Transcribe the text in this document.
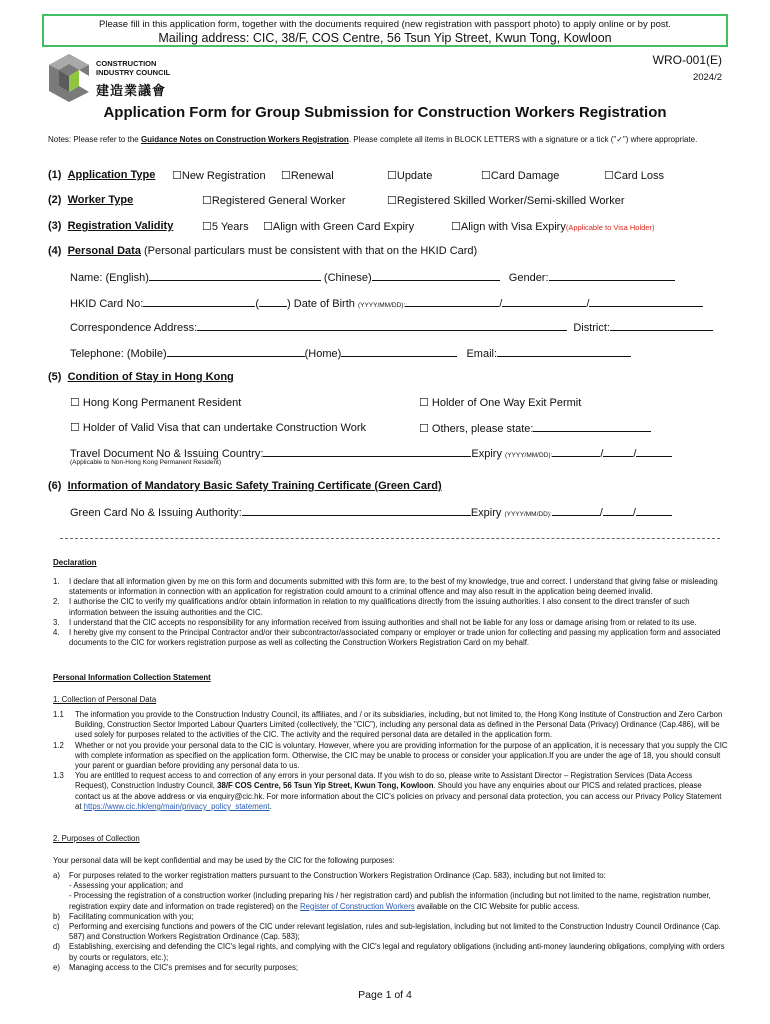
Please fill in this application form, together with the documents required (new registration with passport photo) to apply online or by post.
Mailing address: CIC, 38/F, COS Centre, 56 Tsun Yip Street, Kwun Tong, Kowloon
CONSTRUCTION
INDUSTRY COUNCIL
建造業議會
WRO-001(E)
2024/2
Application Form for Group Submission for Construction Workers Registration
Notes: Please refer to the Guidance Notes on Construction Workers Registration. Please complete all items in BLOCK LETTERS with a signature or a tick ("✓") where appropriate.
(1) Application Type ☐New Registration ☐Renewal	☐Update	☐Card Damage	☐Card Loss
(2) Worker Type	☐Registered General Worker	☐Registered Skilled Worker/Semi-skilled Worker
(3) Registration Validity	☐5 Years ☐Align with Green Card Expiry	☐Align with Visa Expiry(Applicable to Visa Holder)
(4) Personal Data (Personal particulars must be consistent with that on the HKID Card)
Name: (English)	(Chinese)	Gender:
HKID Card No:	(	) Date of Birth (YYYY/MM/DD):	/	/
Correspondence Address:	District:
Telephone: (Mobile)	(Home)	Email:
(5) Condition of Stay in Hong Kong
☐ Hong Kong Permanent Resident	☐ Holder of One Way Exit Permit
☐ Holder of Valid Visa that can undertake Construction Work	☐ Others, please state:
Travel Document No & Issuing Country:	Expiry (YYYY/MM/DD):	/	/
(Applicable to Non-Hong Kong Permanent Resident)
(6) Information of Mandatory Basic Safety Training Certificate (Green Card)
Green Card No & Issuing Authority:	Expiry (YYYY/MM/DD):	/	/
Declaration
1.	I declare that all information given by me on this form and documents submitted with this form are, to the best of my knowledge, true and correct. I understand that giving false or misleading statements or information in connection with an application for registration could amount to a criminal offence and may also result in the application being deemed invalid.
2.	I authorise the CIC to verify my qualifications and/or obtain information in relation to my qualifications directly from the issuing authorities. I also consent to the direct transfer of such information between the issuing authorities and the CIC.
3.	I understand that the CIC accepts no responsibility for any information received from issuing authorities and shall not be liable for any loss or damage arising from or related to its use.
4.	I hereby give my consent to the Principal Contractor and/or their subcontractor/associated company or employer or trade union for collecting and passing my application form and associated documents to the CIC for workers registration purpose as well as collecting the Construction Workers Registration Card on my behalf.
Personal Information Collection Statement
1. Collection of Personal Data
1.1	The information you provide to the Construction Industry Council, its affiliates, and / or its subsidiaries, including, but not limited to, the Hong Kong Institute of Construction and Zero Carbon Building, Construction Sector Imported Labour Quarters Limited (collectively, the "CIC"), including any personal data as defined in the Personal Data (Privacy) Ordinance (Cap.486), will be used solely for purposes related to the activities of the CIC. The activity and the required personal data are detailed in the application form.
1.2	Whether or not you provide your personal data to the CIC is voluntary. However, where you are providing information for the purpose of an application, it is necessary that you supply the CIC with complete information as specified on the application form. Otherwise, the CIC may be unable to process or consider your application.If you are under the age of 18, you should consult your parent or guardian before providing any personal data to us.
1.3	You are entitled to request access to and correction of any errors in your personal data. If you wish to do so, please write to Assistant Director – Registration Services (Data Access Request), Construction Industry Council, 38/F COS Centre, 56 Tsun Yip Street, Kwun Tong, Kowloon. Should you have any enquiries about our PICS and related practices, please contact us at the above address or via enquiry@cic.hk. For more information about the CIC's policies on privacy and personal data protection, you can access our Privacy Policy Statement at https://www.cic.hk/eng/main/privacy_policy_statement.
2. Purposes of Collection
Your personal data will be kept confidential and may be used by the CIC for the following purposes:
a)	For purposes related to the worker registration matters pursuant to the Construction Workers Registration Ordinance (Cap. 583), including but not limited to:
- Assessing your application; and
- Processing the registration of a construction worker (including preparing his / her registration card) and publish the information (including but not limited to the name, registration number, registration expiry date and information on trade registered) on the Register of Construction Workers available on the CIC Website for public access.
b)	Facilitating communication with you;
c)	Performing and exercising functions and powers of the CIC under relevant legislation, rules and sub-legislation, including but not limited to the Construction Industry Council Ordinance (Cap. 587) and Construction Workers Registration Ordinance (Cap. 583);
d)	Establishing, exercising and defending the CIC's legal rights, and complying with the CIC's legal and regulatory obligations (including anti-money laundering obligations, complying with orders by courts or regulators, etc.);
e)	Managing access to the CIC's premises and for security purposes;
Page 1 of 4
